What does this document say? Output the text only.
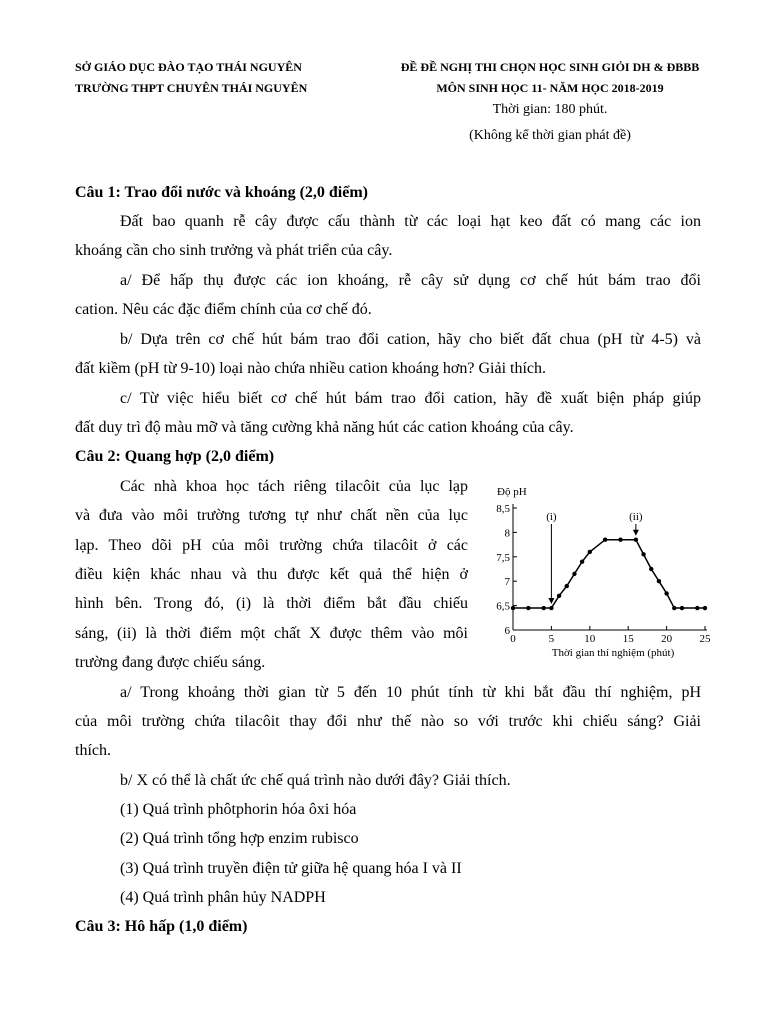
SỞ GIÁO DỤC ĐÀO TẠO THÁI NGUYÊN
TRƯỜNG THPT CHUYÊN THÁI NGUYÊN
ĐỀ ĐỀ NGHỊ THI CHỌN HỌC SINH GIỎI DH & ĐBBB
MÔN SINH HỌC 11- NĂM HỌC 2018-2019
Thời gian: 180 phút.
(Không kể thời gian phát đề)
Câu 1: Trao đổi nước và khoáng (2,0 điểm)
Đất bao quanh rễ cây được cấu thành từ các loại hạt keo đất có mang các ion
khoáng cần cho sinh trưởng và phát triển của cây.
a/ Để hấp thụ được các ion khoáng, rễ cây sử dụng cơ chế hút bám trao đổi
cation. Nêu các đặc điểm chính của cơ chế đó.
b/ Dựa trên cơ chế hút bám trao đổi cation, hãy cho biết đất chua (pH từ 4-5) và
đất kiềm (pH từ 9-10) loại nào chứa nhiều cation khoáng hơn? Giải thích.
c/ Từ việc hiểu biết cơ chế hút bám trao đổi cation, hãy đề xuất biện pháp giúp
đất duy trì độ màu mỡ và tăng cường khả năng hút các cation khoáng của cây.
Câu 2: Quang hợp (2,0 điểm)
Các nhà khoa học tách riêng tilacôit của lục lạp
và đưa vào môi trường tương tự như chất nền của lục
lạp. Theo dõi pH của môi trường chứa tilacôit ở các
điều kiện khác nhau và thu được kết quả thể hiện ở
hình bên. Trong đó, (i) là thời điểm bắt đầu chiếu
sáng, (ii) là thời điểm một chất X được thêm vào môi
trường đang được chiếu sáng.
6
6,5
7
7,5
8
8,5
0	5	10 15 20 25
Độ pH
Thời gian thí nghiệm (phút)
(i)	(ii)
a/ Trong khoảng thời gian từ 5 đến 10 phút tính từ khi bắt đầu thí nghiệm, pH
của môi trường chứa tilacôit thay đổi như thế nào so với trước khi chiếu sáng? Giải
thích.
b/ X có thể là chất ức chế quá trình nào dưới đây? Giải thích.
(1) Quá trình phôtphorin hóa ôxi hóa
(2) Quá trình tổng hợp enzim rubisco
(3) Quá trình truyền điện tử giữa hệ quang hóa I và II
(4) Quá trình phân hủy NADPH
Câu 3: Hô hấp (1,0 điểm)
